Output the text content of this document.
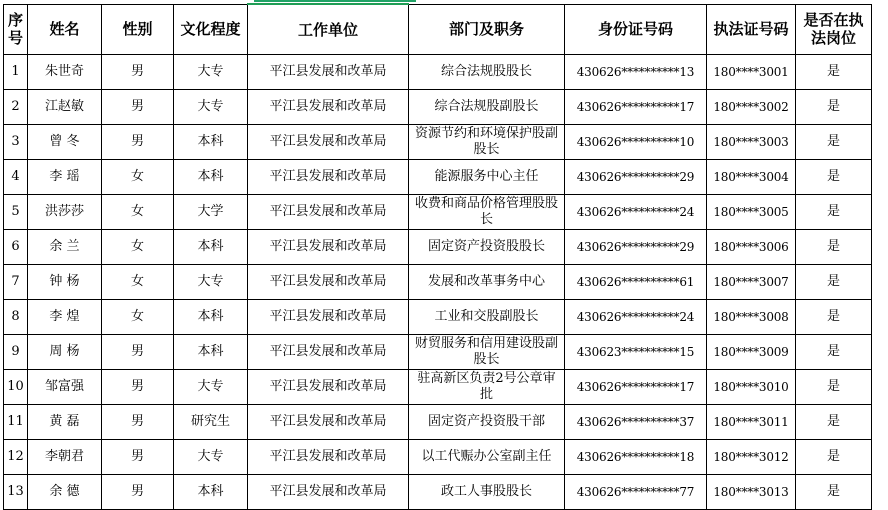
序号	姓名	性别	文化程度	工作单位	部门及职务	身份证号码	执法证号码	是否在执法岗位
1	朱世奇	男	大专	平江县发展和改革局	综合法规股股长	430626**********13	180****3001	是
2	江赵敏	男	大专	平江县发展和改革局	综合法规股副股长	430626**********17	180****3002	是
3	曾 冬	男	本科	平江县发展和改革局	资源节约和环境保护股副股长	430626**********10	180****3003	是
4	李 瑶	女	本科	平江县发展和改革局	能源服务中心主任	430626**********29	180****3004	是
5	洪莎莎	女	大学	平江县发展和改革局	收费和商品价格管理股股长	430626**********24	180****3005	是
6	余 兰	女	本科	平江县发展和改革局	固定资产投资股股长	430626**********29	180****3006	是
7	钟 杨	女	大专	平江县发展和改革局	发展和改革事务中心	430626**********61	180****3007	是
8	李 煌	女	本科	平江县发展和改革局	工业和交股副股长	430626**********24	180****3008	是
9	周 杨	男	本科	平江县发展和改革局	财贸服务和信用建设股副股长	430623**********15	180****3009	是
10	邹富强	男	大专	平江县发展和改革局	驻高新区负责2号公章审批	430626**********17	180****3010	是
11	黄 磊	男	研究生	平江县发展和改革局	固定资产投资股干部	430626**********37	180****3011	是
12	李朝君	男	大专	平江县发展和改革局	以工代赈办公室副主任	430626**********18	180****3012	是
13	余 德	男	本科	平江县发展和改革局	政工人事股股长	430626**********77	180****3013	是
